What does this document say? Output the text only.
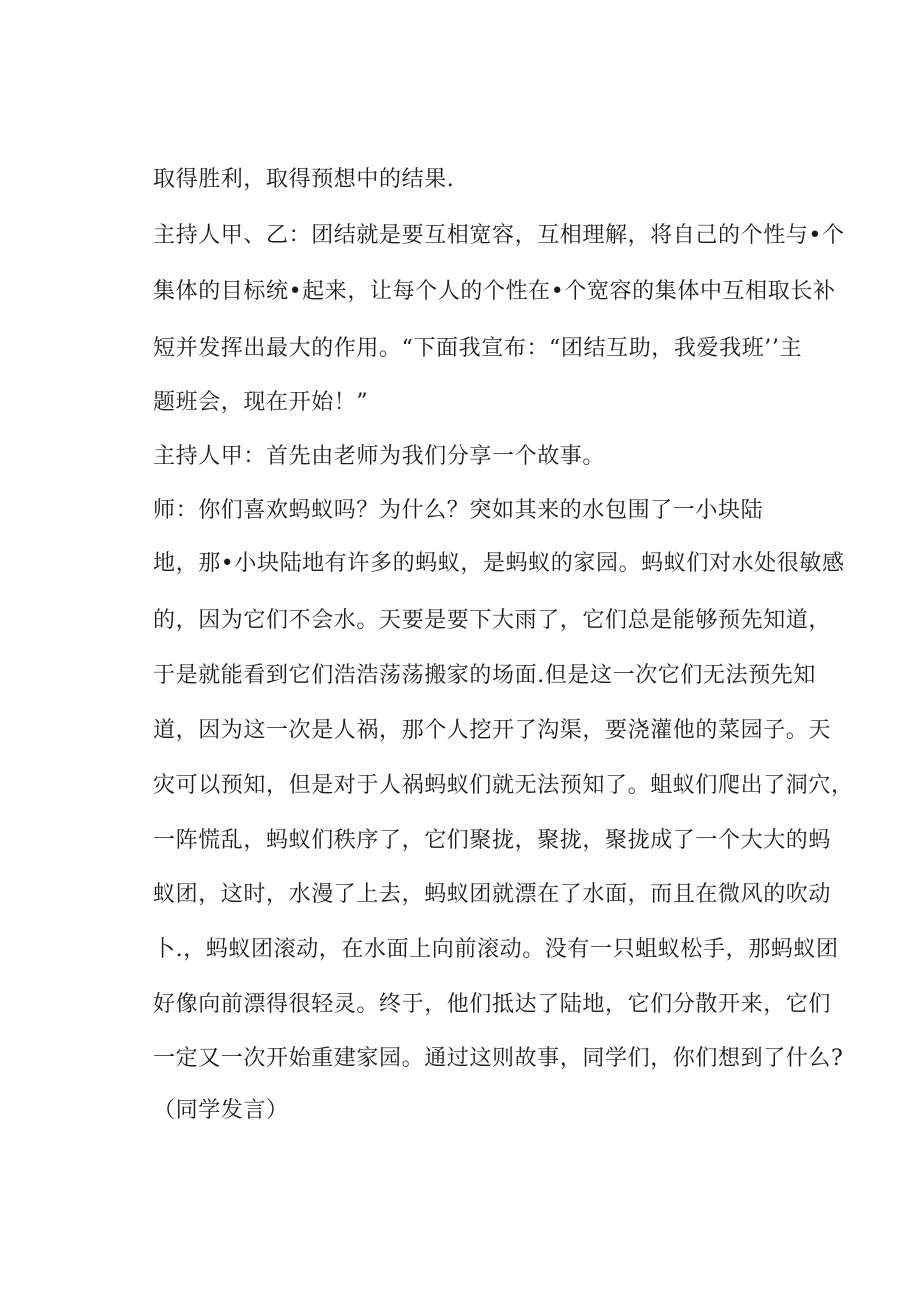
取得胜利，取得预想中的结果.

主持人甲、乙：团结就是要互相宽容，互相理解，将自己的个性与•个

集体的目标统•起来，让每个人的个性在•个宽容的集体中互相取长补

短并发挥出最大的作用。“下面我宣布：“团结互助，我爱我班’’主

题班会，现在开始！”

主持人甲：首先由老师为我们分享一个故事。

师：你们喜欢蚂蚁吗？为什么？突如其来的水包围了一小块陆

地，那•小块陆地有许多的蚂蚁，是蚂蚁的家园。蚂蚁们对水处很敏感

的，因为它们不会水。天要是要下大雨了，它们总是能够预先知道，

于是就能看到它们浩浩荡荡搬家的场面.但是这一次它们无法预先知

道，因为这一次是人祸，那个人挖开了沟渠，要浇灌他的菜园子。天

灾可以预知，但是对于人祸蚂蚁们就无法预知了。蛆蚁们爬出了洞穴，

一阵慌乱，蚂蚁们秩序了，它们聚拢，聚拢，聚拢成了一个大大的蚂

蚁团，这时，水漫了上去，蚂蚁团就漂在了水面，而且在微风的吹动

卜.，蚂蚁团滚动，在水面上向前滚动。没有一只蛆蚁松手，那蚂蚁团

好像向前漂得很轻灵。终于，他们抵达了陆地，它们分散开来，它们

一定又一次开始重建家园。通过这则故事，同学们，你们想到了什么?

（同学发言）
